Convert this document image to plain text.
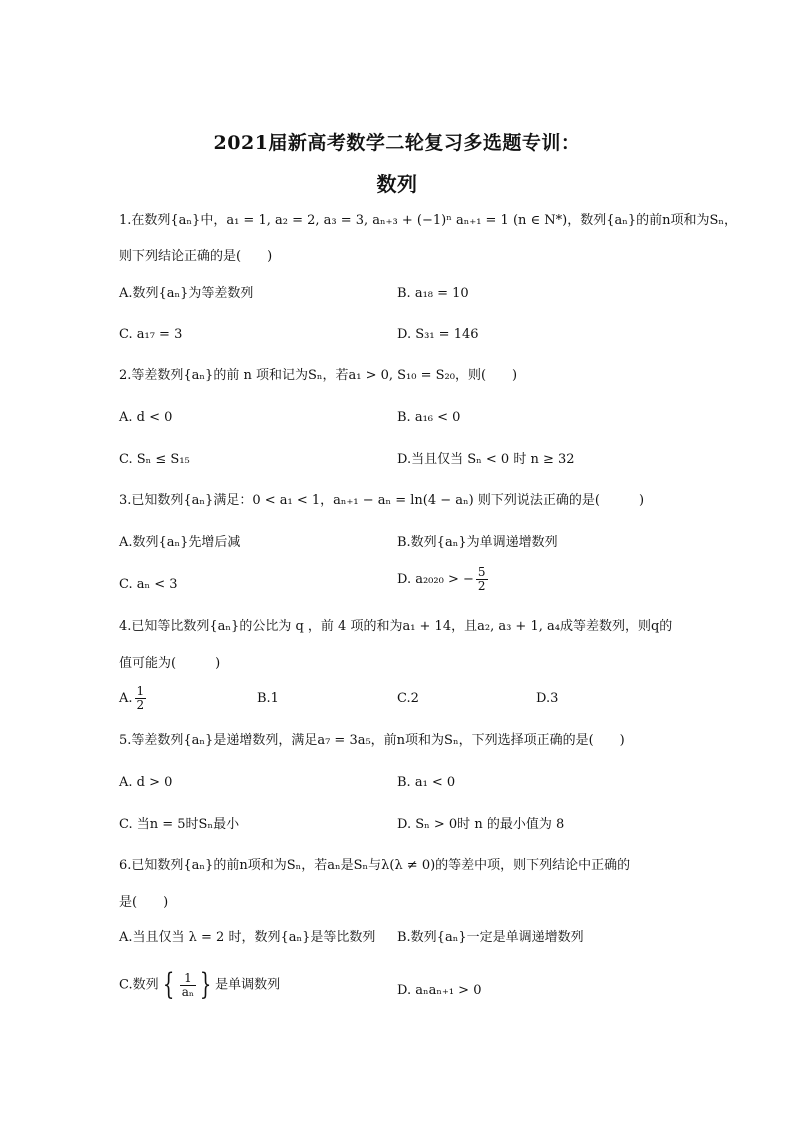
2021届新高考数学二轮复习多选题专训：
数列
1.在数列{aₙ}中，a₁ = 1, a₂ = 2, a₃ = 3, aₙ₊₃ + (−1)ⁿ aₙ₊₁ = 1 (n ∈ N*)，数列{aₙ}的前n项和为Sₙ，
则下列结论正确的是(　　)
A.数列{aₙ}为等差数列	B. a₁₈ = 10
C. a₁₇ = 3	D. S₃₁ = 146
2.等差数列{aₙ}的前 n 项和记为Sₙ，若a₁ > 0, S₁₀ = S₂₀，则(　　)
A. d < 0	B. a₁₆ < 0
C. Sₙ ≤ S₁₅	D.当且仅当 Sₙ < 0 时 n ≥ 32
3.已知数列{aₙ}满足：0 < a₁ < 1，aₙ₊₁ − aₙ = ln(4 − aₙ) 则下列说法正确的是(　　　)
A.数列{aₙ}先增后减	B.数列{aₙ}为单调递增数列
C. aₙ < 3	D. a₂₀₂₀ > − $\frac{5}{2}$
4.已知等比数列{aₙ}的公比为 q ，前 4 项的和为a₁ + 14，且a₂, a₃ + 1, a₄成等差数列，则q的
值可能为(　　　)
A. $\frac{1}{2}$	B.1	C.2	D.3
5.等差数列{aₙ}是递增数列，满足a₇ = 3a₅，前n项和为Sₙ，下列选择项正确的是(　　)
A. d > 0	B. a₁ < 0
C. 当n = 5时Sₙ最小	D. Sₙ > 0时 n 的最小值为 8
6.已知数列{aₙ}的前n项和为Sₙ，若aₙ是Sₙ与λ(λ ≠ 0)的等差中项，则下列结论中正确的
是(　　)
A.当且仅当 λ = 2 时，数列{aₙ}是等比数列 B.数列{aₙ}一定是单调递增数列
C.数列 { $\frac{1}{\text{aₙ}}$ } 是单调数列	D. aₙaₙ₊₁ > 0
